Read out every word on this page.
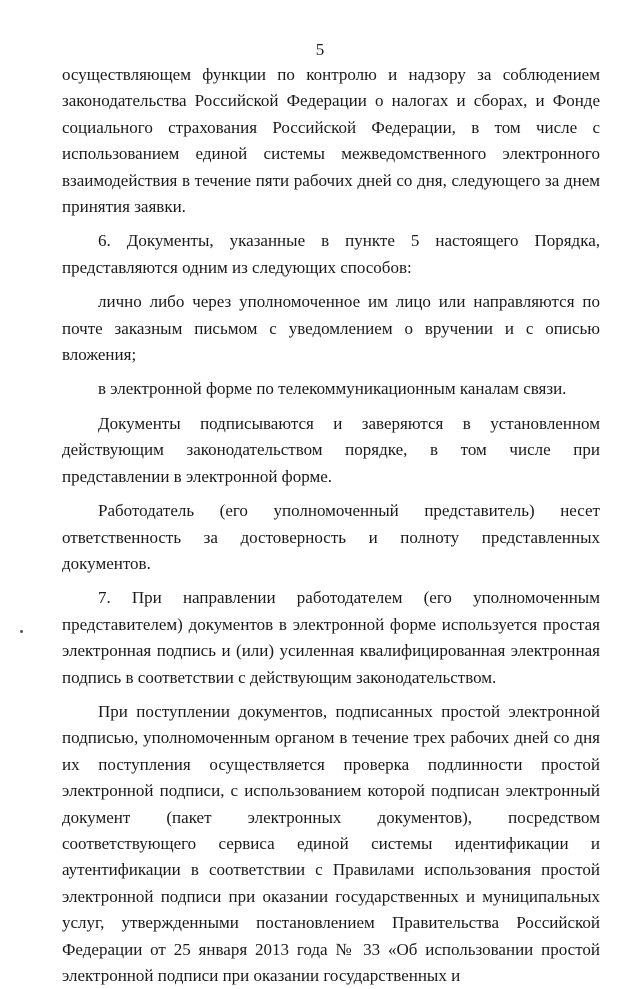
5

осуществляющем функции по контролю и надзору за соблюдением законодательства Российской Федерации о налогах и сборах, и Фонде социального страхования Российской Федерации, в том числе с использованием единой системы межведомственного электронного взаимодействия в течение пяти рабочих дней со дня, следующего за днем принятия заявки.

6. Документы, указанные в пункте 5 настоящего Порядка, представляются одним из следующих способов:

лично либо через уполномоченное им лицо или направляются по почте заказным письмом с уведомлением о вручении и с описью вложения;

в электронной форме по телекоммуникационным каналам связи.

Документы подписываются и заверяются в установленном действующим законодательством порядке, в том числе при представлении в электронной форме.

Работодатель (его уполномоченный представитель) несет ответственность за достоверность и полноту представленных документов.

7. При направлении работодателем (его уполномоченным представителем) документов в электронной форме используется простая электронная подпись и (или) усиленная квалифицированная электронная подпись в соответствии с действующим законодательством.

При поступлении документов, подписанных простой электронной подписью, уполномоченным органом в течение трех рабочих дней со дня их поступления осуществляется проверка подлинности простой электронной подписи, с использованием которой подписан электронный документ (пакет электронных документов), посредством соответствующего сервиса единой системы идентификации и аутентификации в соответствии с Правилами использования простой электронной подписи при оказании государственных и муниципальных услуг, утвержденными постановлением Правительства Российской Федерации от 25 января 2013 года № 33 «Об использовании простой электронной подписи при оказании государственных и
